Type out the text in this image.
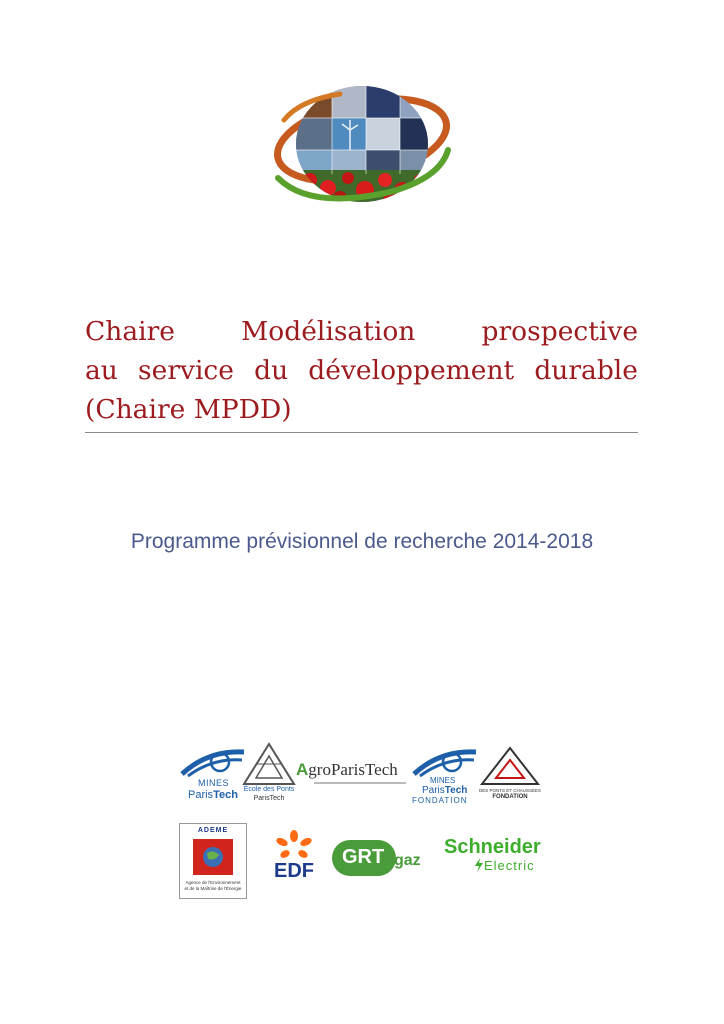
Chaire Modélisation prospective
au service du développement durable
(Chaire MPDD)
Programme prévisionnel de recherche 2014-2018
MINES
ParisTech École des Ponts
ParisTech
AgroParisTech
MINES
ParisTech
FONDATION
DES PONTS ET CHAUSSÉES
FONDATION
ADEME
Agence de l'Environnement
et de la Maîtrise de l'Énergie
EDF
GRT gaz
Schneider
Electric
